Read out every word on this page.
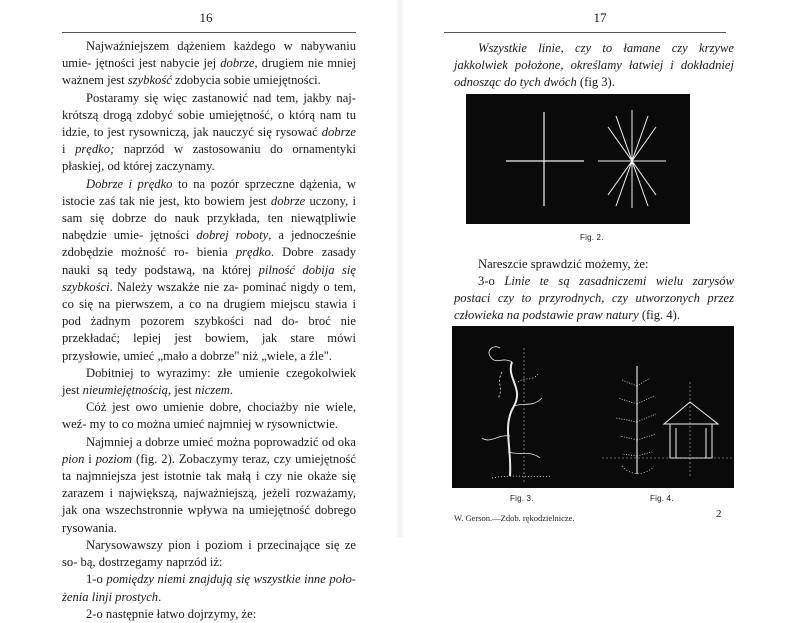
16

Najważniejszem dążeniem każdego w nabywaniu umie- jętności jest nabycie jej dobrze, drugiem nie mniej ważnem jest szybkość zdobycia sobie umiejętności.

Postaramy się więc zastanowić nad tem, jakby naj- krótszą drogą zdobyć sobie umiejętność, o którą nam tu idzie, to jest rysowniczą, jak nauczyć się rysować dobrze i prędko; naprzód w zastosowaniu do ornamentyki płaskiej, od której zaczynamy.

Dobrze i prędko to na pozór sprzeczne dążenia, w istocie zaś tak nie jest, kto bowiem jest dobrze uczony, i sam się dobrze do nauk przykłada, ten niewątpliwie nabędzie umie- jętności dobrej roboty, a jednocześnie zdobędzie możność ro- bienia prędko. Dobre zasady nauki są tedy podstawą, na której pilność dobija się szybkości. Należy wszakże nie za- pominać nigdy o tem, co się na pierwszem, a co na drugiem miejscu stawia i pod żadnym pozorem szybkości nad do- broć nie przekładać; lepiej jest bowiem, jak stare mówi przysłowie, umieć „mało a dobrze" niż „wiele, a źle".

Dobitniej to wyrazimy: złe umienie czegokolwiek jest nieumiejętnością, jest niczem.

Cóż jest owo umienie dobre, chociażby nie wiele, weź- my to co można umieć najmniej w rysownictwie.

Najmniej a dobrze umieć można poprowadzić od oka pion i poziom (fig. 2). Zobaczymy teraz, czy umiejętność ta najmniejsza jest istotnie tak małą i czy nie okaże się zarazem i największą, najważniejszą, jeżeli rozważamy, jak ona wszechstronnie wpływa na umiejętność dobrego rysowania.

Narysowawszy pion i poziom i przecinające się ze so- bą, dostrzegamy naprzód iż:

1-o pomiędzy niemi znajdują się wszystkie inne poło- żenia linji prostych.

2-o następnie łatwo dojrzymy, że:

17

Wszystkie linie, czy to łamane czy krzywe jakkolwiek położone, określamy łatwiej i dokładniej odnosząc do tych dwóch (fig 3).

Fig. 2.

Nareszcie sprawdzić możemy, że:

3-o Linie te są zasadniczemi wielu zarysów postaci czy to przyrodnych, czy utworzonych przez człowieka na podstawie praw natury (fig. 4).

Fig. 3.	Fig. 4.
W. Gerson.—Zdob. rękodzielnicze.	2
